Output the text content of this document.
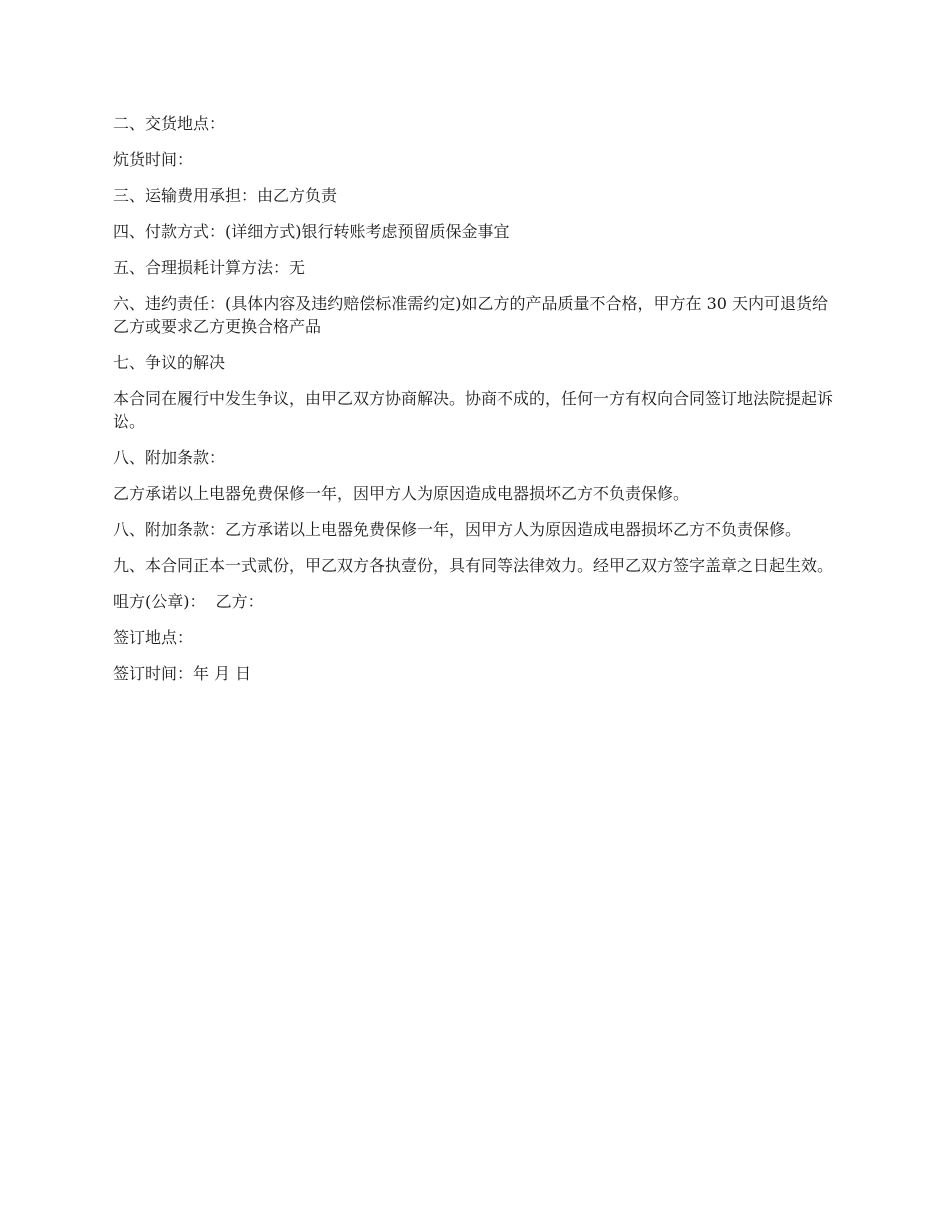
二、交货地点：

炕货时间：

三、运输费用承担：由乙方负责

四、付款方式：(详细方式)银行转账考虑预留质保金事宜

五、合理损耗计算方法：无

六、违约责任：(具体内容及违约赔偿标准需约定)如乙方的产品质量不合格，甲方在 30 天内可退货给乙方或要求乙方更换合格产品

七、争议的解决

本合同在履行中发生争议，由甲乙双方协商解决。协商不成的，任何一方有权向合同签订地法院提起诉讼。

八、附加条款：

乙方承诺以上电器免费保修一年，因甲方人为原因造成电器损坏乙方不负责保修。

八、附加条款：乙方承诺以上电器免费保修一年，因甲方人为原因造成电器损坏乙方不负责保修。

九、本合同正本一式贰份，甲乙双方各执壹份，具有同等法律效力。经甲乙双方签字盖章之日起生效。

咀方(公章)：  乙方：

签订地点：

签订时间：年 月 日
